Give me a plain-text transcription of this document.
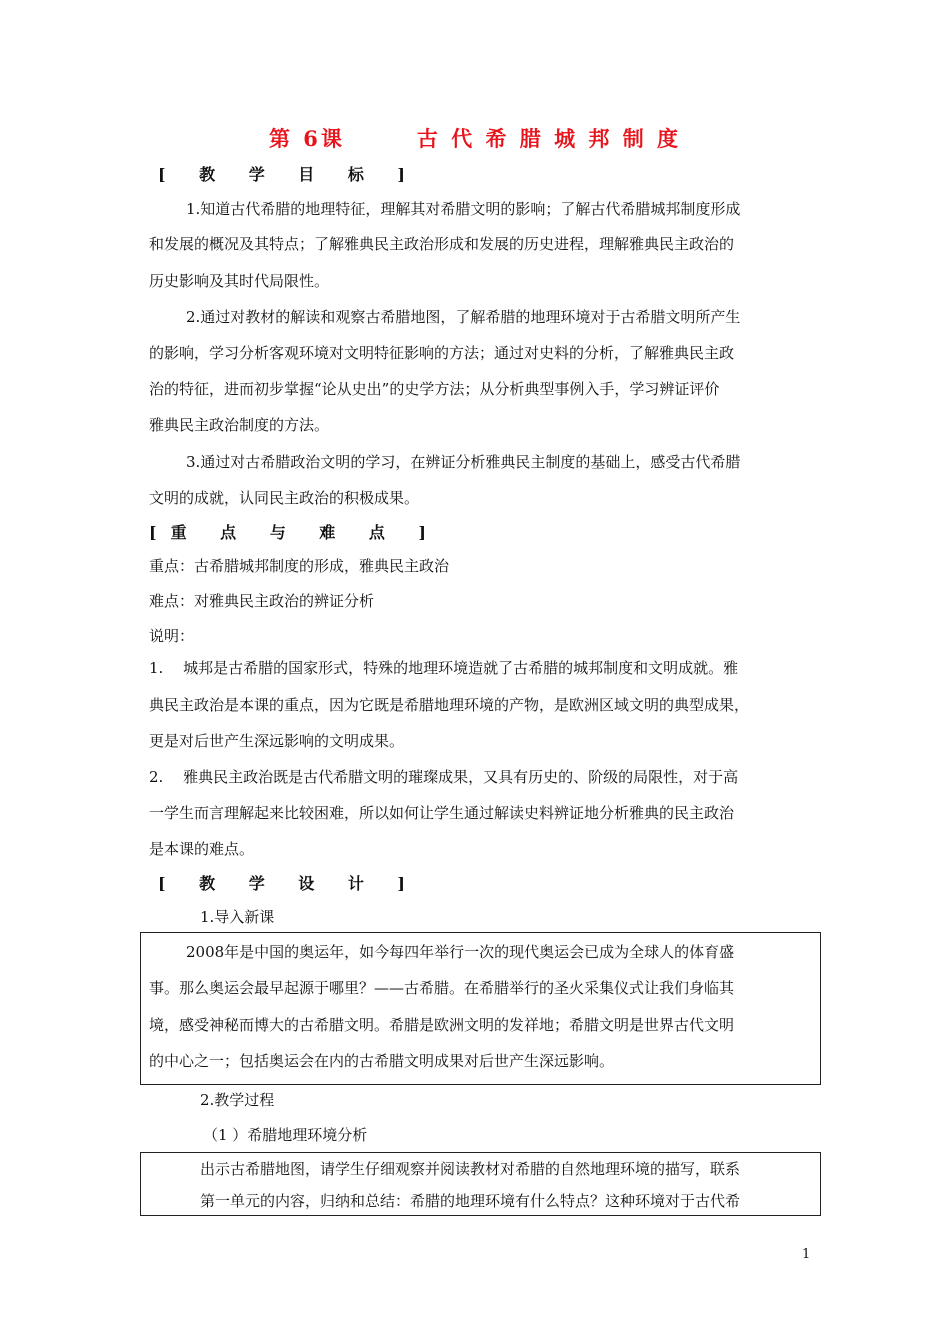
第 6课	古 代 希 腊 城 邦 制 度
[ 教 学 目 标 ]
1.知道古代希腊的地理特征，理解其对希腊文明的影响；了解古代希腊城邦制度形成
和发展的概况及其特点；了解雅典民主政治形成和发展的历史进程，理解雅典民主政治的
历史影响及其时代局限性。
2.通过对教材的解读和观察古希腊地图，了解希腊的地理环境对于古希腊文明所产生
的影响，学习分析客观环境对文明特征影响的方法；通过对史料的分析，了解雅典民主政
治的特征，进而初步掌握“论从史出”的史学方法；从分析典型事例入手，学习辨证评价
雅典民主政治制度的方法。
3.通过对古希腊政治文明的学习，在辨证分析雅典民主制度的基础上，感受古代希腊
文明的成就，认同民主政治的积极成果。
[重 点 与 难 点 ]
重点：古希腊城邦制度的形成，雅典民主政治
难点：对雅典民主政治的辨证分析
说明：
1.　 城邦是古希腊的国家形式，特殊的地理环境造就了古希腊的城邦制度和文明成就。雅
典民主政治是本课的重点，因为它既是希腊地理环境的产物，是欧洲区域文明的典型成果，
更是对后世产生深远影响的文明成果。
2.　 雅典民主政治既是古代希腊文明的璀璨成果，又具有历史的、阶级的局限性，对于高
一学生而言理解起来比较困难，所以如何让学生通过解读史料辨证地分析雅典的民主政治
是本课的难点。
[ 教 学 设 计 ]
1.导入新课
2008年是中国的奥运年，如今每四年举行一次的现代奥运会已成为全球人的体育盛
事。那么奥运会最早起源于哪里？——古希腊。在希腊举行的圣火采集仪式让我们身临其
境，感受神秘而博大的古希腊文明。希腊是欧洲文明的发祥地；希腊文明是世界古代文明
的中心之一；包括奥运会在内的古希腊文明成果对后世产生深远影响。
2.教学过程
（1 ）希腊地理环境分析
出示古希腊地图，请学生仔细观察并阅读教材对希腊的自然地理环境的描写，联系
第一单元的内容，归纳和总结：希腊的地理环境有什么特点？这种环境对于古代希
1
